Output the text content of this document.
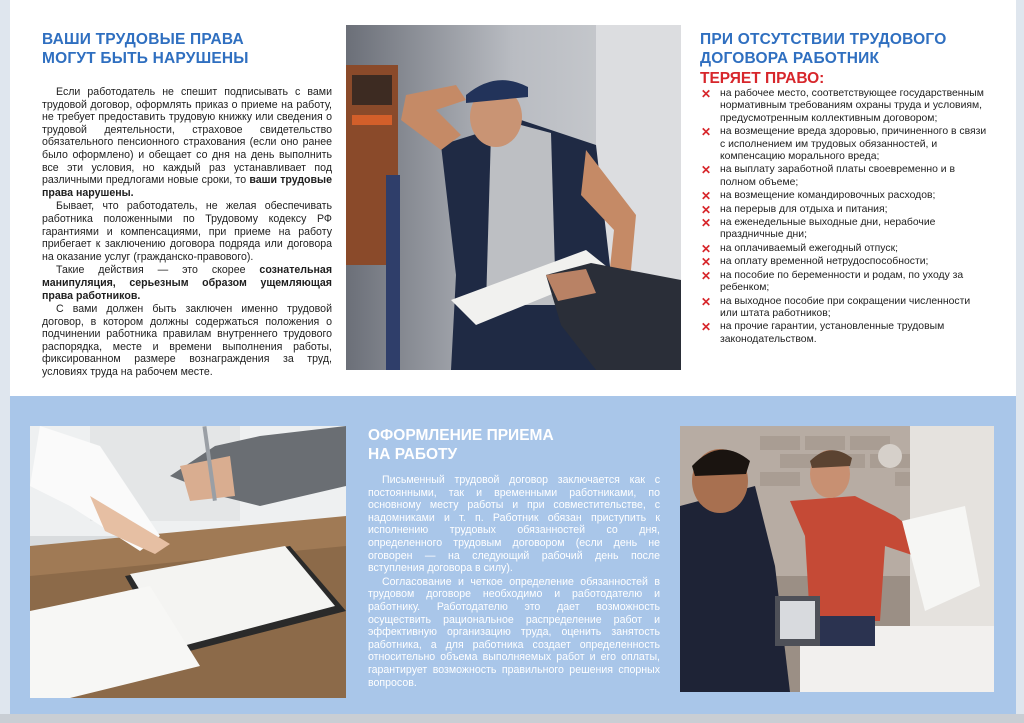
ВАШИ ТРУДОВЫЕ ПРАВА
МОГУТ БЫТЬ НАРУШЕНЫ

Если работодатель не спешит подписывать с вами трудовой договор, оформлять приказ о приеме на работу, не требует предоставить трудовую книжку или сведения о трудовой деятельности, страховое свидетельство обязательного пенсионного страхования (если оно ранее было оформлено) и обещает со дня на день выполнить все эти условия, но каждый раз устанавливает под различными предлогами новые сроки, то ваши трудовые права нарушены.

Бывает, что работодатель, не желая обеспечивать работника положенными по Трудовому кодексу РФ гарантиями и компенсациями, при приеме на работу прибегает к заключению договора подряда или договора на оказание услуг (гражданско-правового).

Такие действия — это скорее сознательная манипуляция, серьезным образом ущемляющая права работников.

С вами должен быть заключен именно трудовой договор, в котором должны содержаться положения о подчинении работника правилам внутреннего трудового распорядка, месте и времени выполнения работы, фиксированном размере вознаграждения за труд, условиях труда на рабочем месте.

ПРИ ОТСУТСТВИИ ТРУДОВОГО
ДОГОВОРА РАБОТНИК
ТЕРЯЕТ ПРАВО:
✕ на рабочее место, соответствующее государственным нормативным требованиям охраны труда и условиям, предусмотренным коллективным договором;
✕ на возмещение вреда здоровью, причиненного в связи с исполнением им трудовых обязанностей, и компенсацию морального вреда;
✕ на выплату заработной платы своевременно и в полном объеме;
✕ на возмещение командировочных расходов;
✕ на перерыв для отдыха и питания;
✕ на еженедельные выходные дни, нерабочие праздничные дни;
✕ на оплачиваемый ежегодный отпуск;
✕ на оплату временной нетрудоспособности;
✕ на пособие по беременности и родам, по уходу за ребенком;
✕ на выходное пособие при сокращении численности или штата работников;
✕ на прочие гарантии, установленные трудовым законодательством.
ОФОРМЛЕНИЕ ПРИЕМА
НА РАБОТУ

Письменный трудовой договор заключается как с постоянными, так и временными работниками, по основному месту работы и при совместительстве, с надомниками и т. п. Работник обязан приступить к исполнению трудовых обязанностей со дня, определенного трудовым договором (если день не оговорен — на следующий рабочий день после вступления договора в силу).

Согласование и четкое определение обязанностей в трудовом договоре необходимо и работодателю и работнику. Работодателю это дает возможность осуществить рациональное распределение работ и эффективную организацию труда, оценить занятость работника, а для работника создает определенность относительно объема выполняемых работ и его оплаты, гарантирует возможность правильного решения спорных вопросов.
